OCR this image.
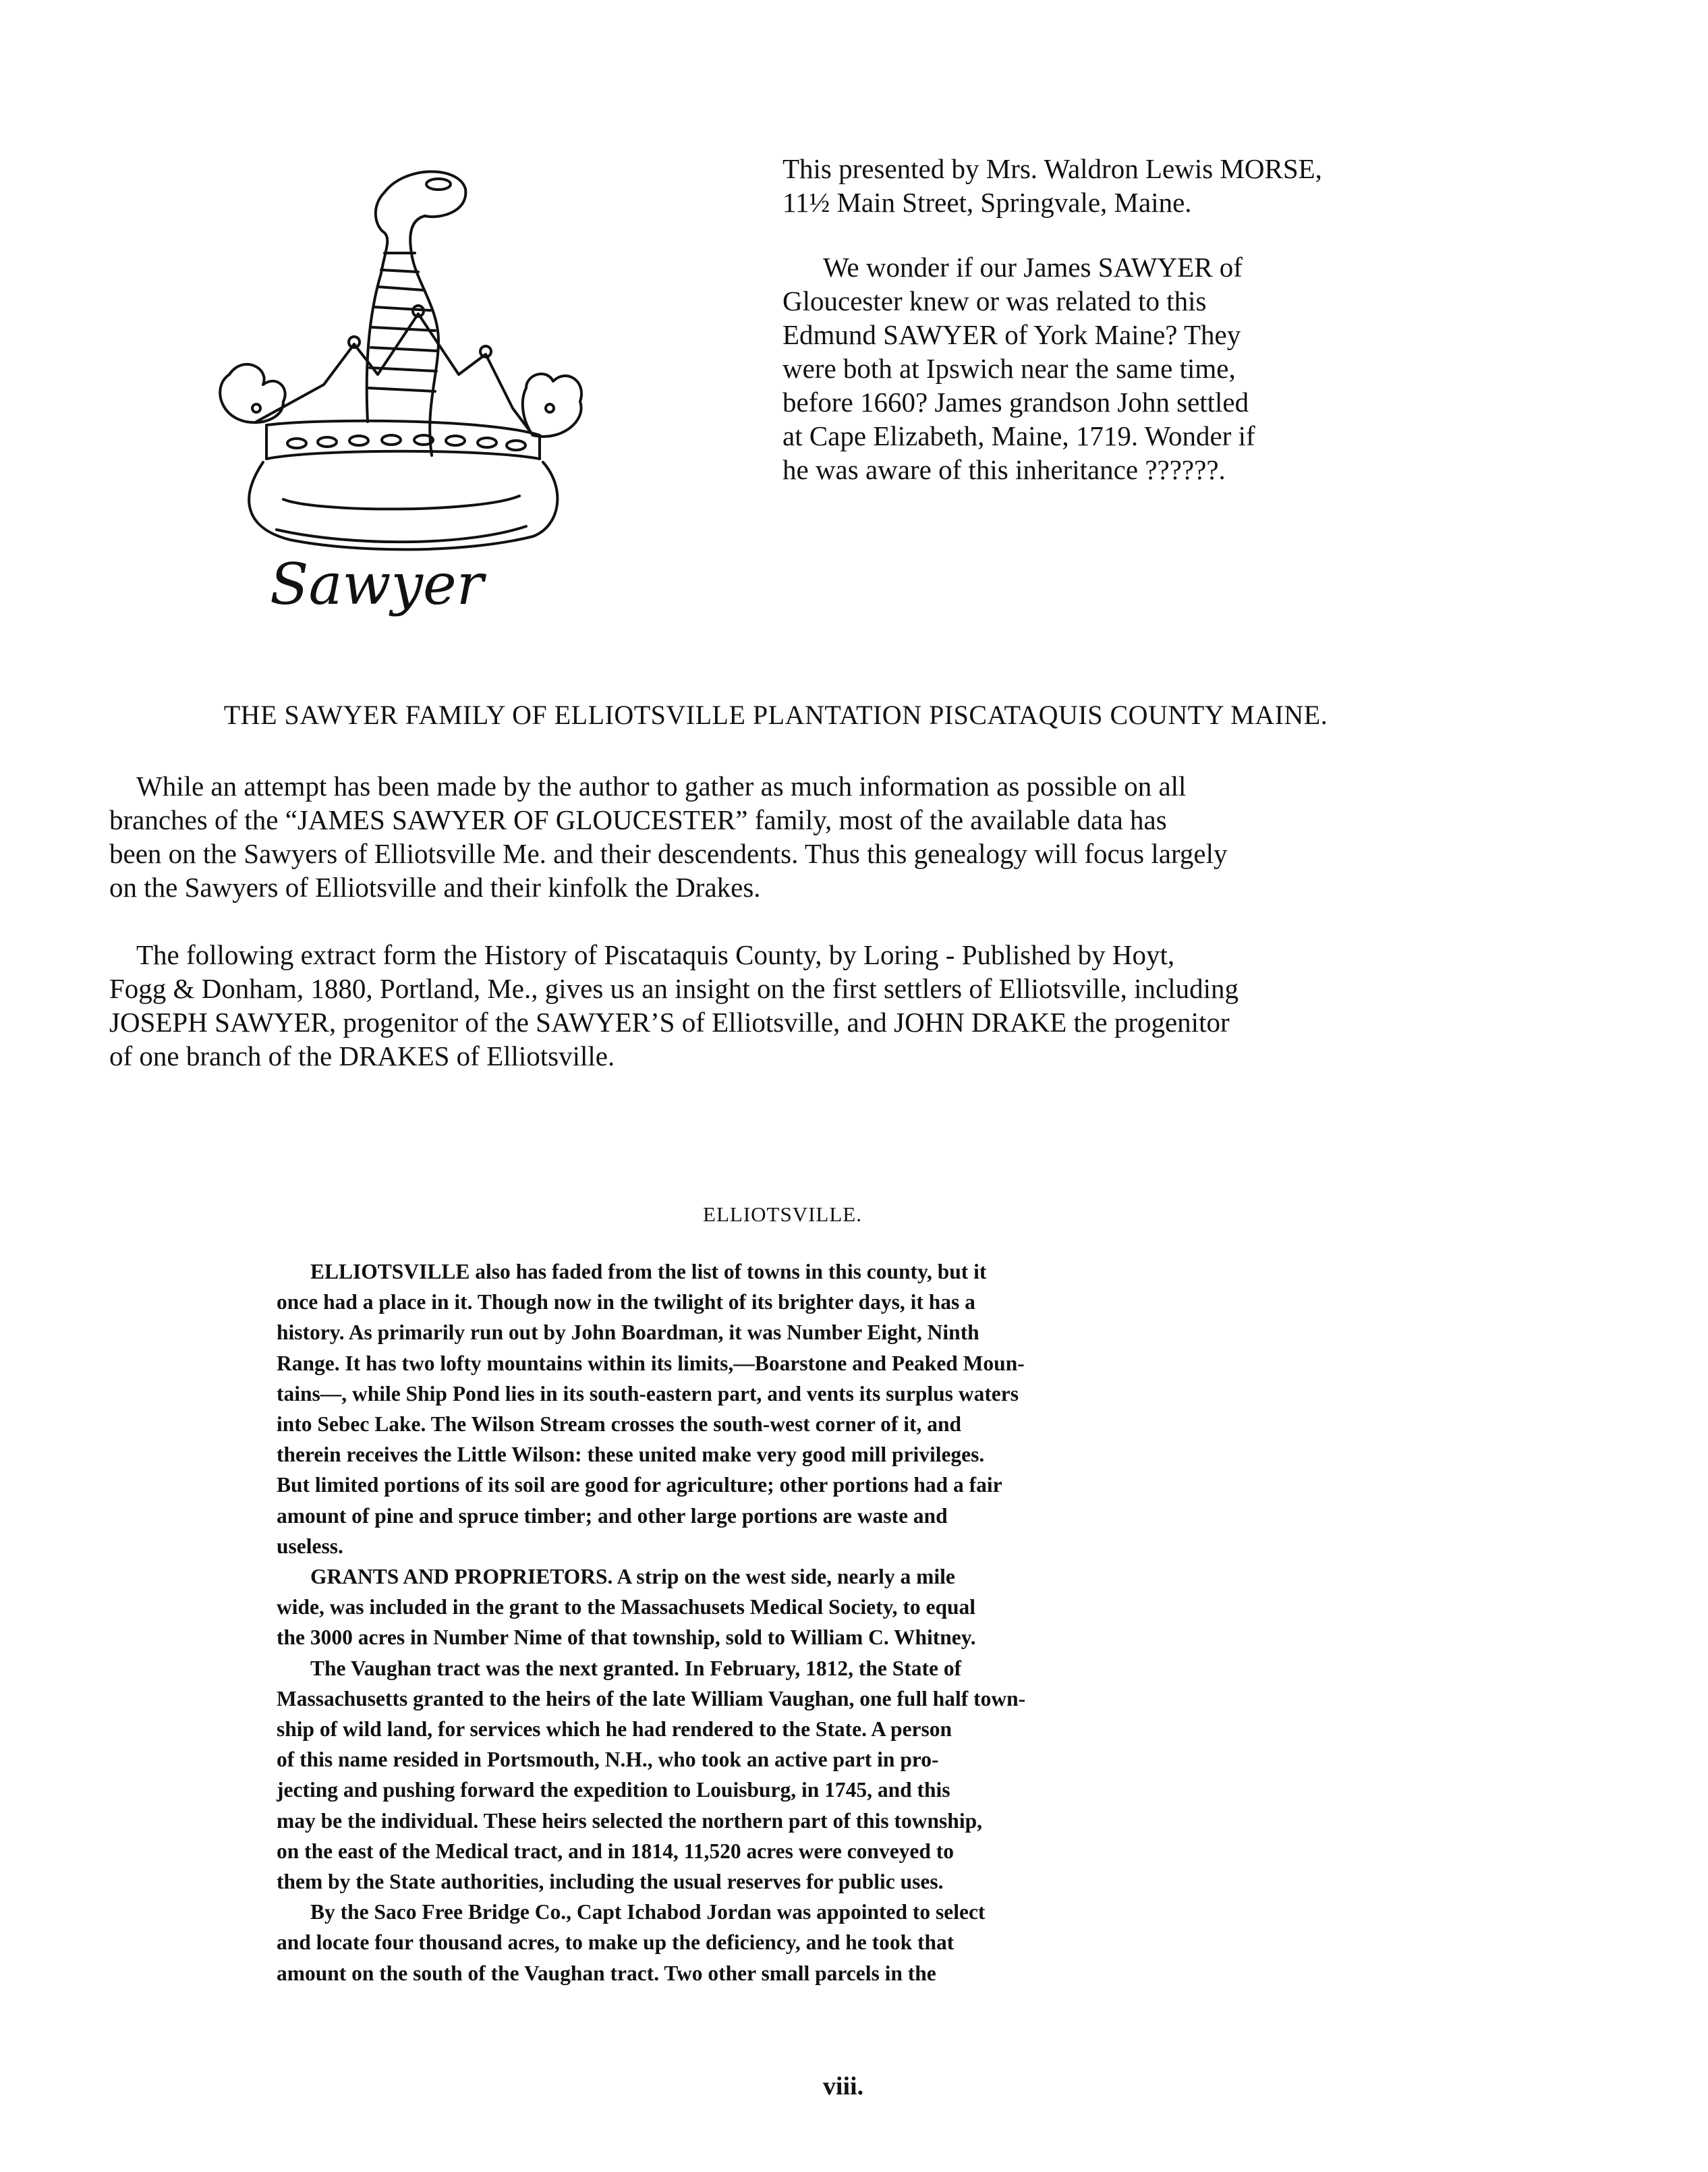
Sawyer

This presented by Mrs. Waldron Lewis MORSE,

11½ Main Street, Springvale, Maine.

We wonder if our James SAWYER of

Gloucester knew or was related to this

Edmund SAWYER of York Maine? They

were both at Ipswich near the same time,

before 1660? James grandson John settled

at Cape Elizabeth, Maine, 1719. Wonder if

he was aware of this inheritance ??????.

THE SAWYER FAMILY OF ELLIOTSVILLE PLANTATION PISCATAQUIS COUNTY MAINE.

While an attempt has been made by the author to gather as much information as possible on all
branches of the “JAMES SAWYER OF GLOUCESTER” family, most of the available data has
been on the Sawyers of Elliotsville Me. and their descendents. Thus this genealogy will focus largely
on the Sawyers of Elliotsville and their kinfolk the Drakes.

The following extract form the History of Piscataquis County, by Loring - Published by Hoyt,
Fogg & Donham, 1880, Portland, Me., gives us an insight on the first settlers of Elliotsville, including
JOSEPH SAWYER, progenitor of the SAWYER’S of Elliotsville, and JOHN DRAKE the progenitor
of one branch of the DRAKES of Elliotsville.

ELLIOTSVILLE.

ELLIOTSVILLE also has faded from the list of towns in this county, but it
once had a place in it. Though now in the twilight of its brighter days, it has a
history. As primarily run out by John Boardman, it was Number Eight, Ninth
Range. It has two lofty mountains within its limits,—Boarstone and Peaked Moun-
tains—, while Ship Pond lies in its south-eastern part, and vents its surplus waters
into Sebec Lake. The Wilson Stream crosses the south-west corner of it, and
therein receives the Little Wilson: these united make very good mill privileges.
But limited portions of its soil are good for agriculture; other portions had a fair
amount of pine and spruce timber; and other large portions are waste and
useless.

GRANTS AND PROPRIETORS. A strip on the west side, nearly a mile
wide, was included in the grant to the Massachusets Medical Society, to equal
the 3000 acres in Number Nime of that township, sold to William C. Whitney.

The Vaughan tract was the next granted. In February, 1812, the State of
Massachusetts granted to the heirs of the late William Vaughan, one full half town-
ship of wild land, for services which he had rendered to the State. A person
of this name resided in Portsmouth, N.H., who took an active part in pro-
jecting and pushing forward the expedition to Louisburg, in 1745, and this
may be the individual. These heirs selected the northern part of this township,
on the east of the Medical tract, and in 1814, 11,520 acres were conveyed to
them by the State authorities, including the usual reserves for public uses.

By the Saco Free Bridge Co., Capt Ichabod Jordan was appointed to select
and locate four thousand acres, to make up the deficiency, and he took that
amount on the south of the Vaughan tract. Two other small parcels in the

viii.
